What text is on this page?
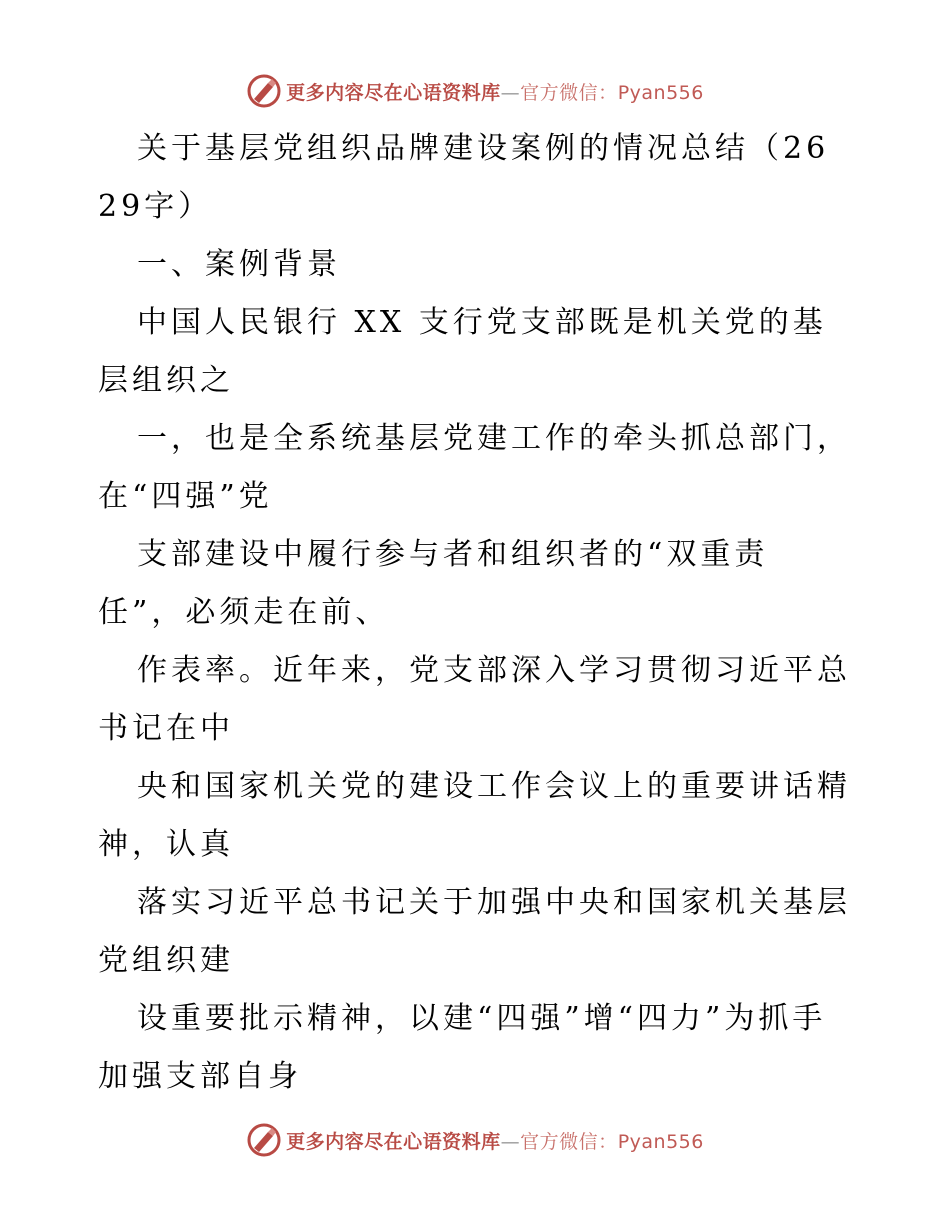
更多内容尽在心语资料库—官方微信：Pyan556

关于基层党组织品牌建设案例的情况总结（2629字）

一、案例背景

中国人民银行 XX 支行党支部既是机关党的基层组织之

一，也是全系统基层党建工作的牵头抓总部门，在“四强”党

支部建设中履行参与者和组织者的“双重责任”，必须走在前、

作表率。近年来，党支部深入学习贯彻习近平总书记在中

央和国家机关党的建设工作会议上的重要讲话精神，认真

落实习近平总书记关于加强中央和国家机关基层党组织建

设重要批示精神，以建“四强”增“四力”为抓手加强支部自身

更多内容尽在心语资料库—官方微信：Pyan556
